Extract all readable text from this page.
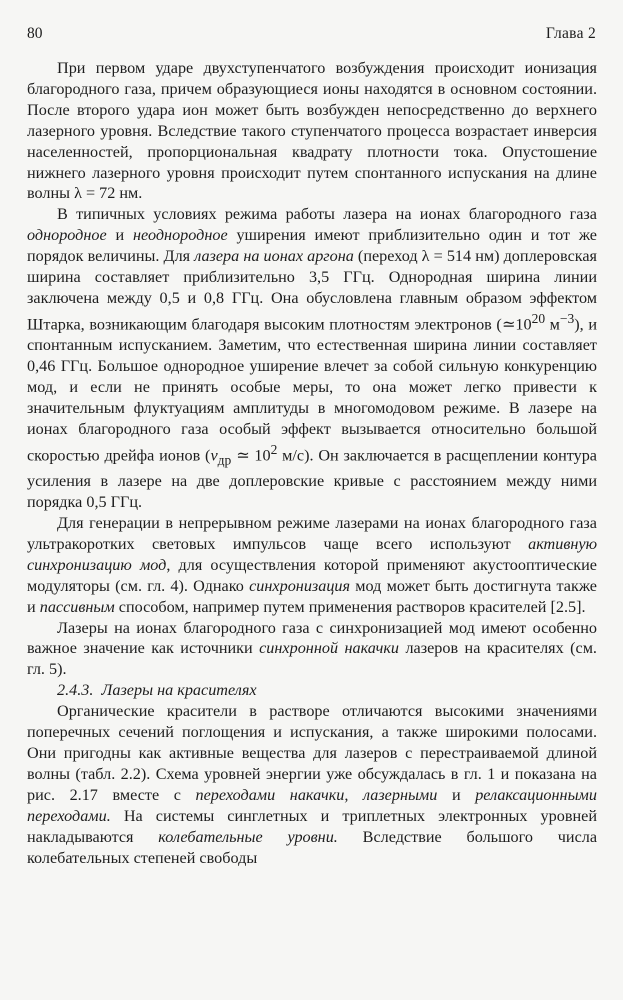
80	Глава 2

При первом ударе двухступенчатого возбуждения происходит ионизация благородного газа, причем образующиеся ионы находятся в основном состоянии. После второго удара ион может быть возбужден непосредственно до верхнего лазерного уровня. Вследствие такого ступенчатого процесса возрастает инверсия населенностей, пропорциональная квадрату плотности тока. Опустошение нижнего лазерного уровня происходит путем спонтанного испускания на длине волны λ = 72 нм.

В типичных условиях режима работы лазера на ионах благородного газа однородное и неоднородное уширения имеют приблизительно один и тот же порядок величины. Для лазера на ионах аргона (переход λ = 514 нм) доплеровская ширина составляет приблизительно 3,5 ГГц. Однородная ширина линии заключена между 0,5 и 0,8 ГГц. Она обусловлена главным образом эффектом Штарка, возникающим благодаря высоким плотностям электронов ($≃10^{20}$ $м^{-3}$), и спонтанным испусканием. Заметим, что естественная ширина линии составляет 0,46 ГГц. Большое однородное уширение влечет за собой сильную конкуренцию мод, и если не принять особые меры, то она может легко привести к значительным флуктуациям амплитуды в многомодовом режиме. В лазере на ионах благородного газа особый эффект вызывается относительно большой скоростью дрейфа ионов ($v_{др}$ ≃ $10^2$ м/с). Он заключается в расщеплении контура усиления в лазере на две доплеровские кривые с расстоянием между ними порядка 0,5 ГГц.

Для генерации в непрерывном режиме лазерами на ионах благородного газа ультракоротких световых импульсов чаще всего используют активную синхронизацию мод, для осуществления которой применяют акустооптические модуляторы (см. гл. 4). Однако синхронизация мод может быть достигнута также и пассивным способом, например путем применения растворов красителей [2.5].

Лазеры на ионах благородного газа с синхронизацией мод имеют особенно важное значение как источники синхронной накачки лазеров на красителях (см. гл. 5).

2.4.3. Лазеры на красителях

Органические красители в растворе отличаются высокими значениями поперечных сечений поглощения и испускания, а также широкими полосами. Они пригодны как активные вещества для лазеров с перестраиваемой длиной волны (табл. 2.2). Схема уровней энергии уже обсуждалась в гл. 1 и показана на рис. 2.17 вместе с переходами накачки, лазерными и релаксационными переходами. На системы синглетных и триплетных электронных уровней накладываются колебательные уровни. Вследствие большого числа колебательных степеней свободы
